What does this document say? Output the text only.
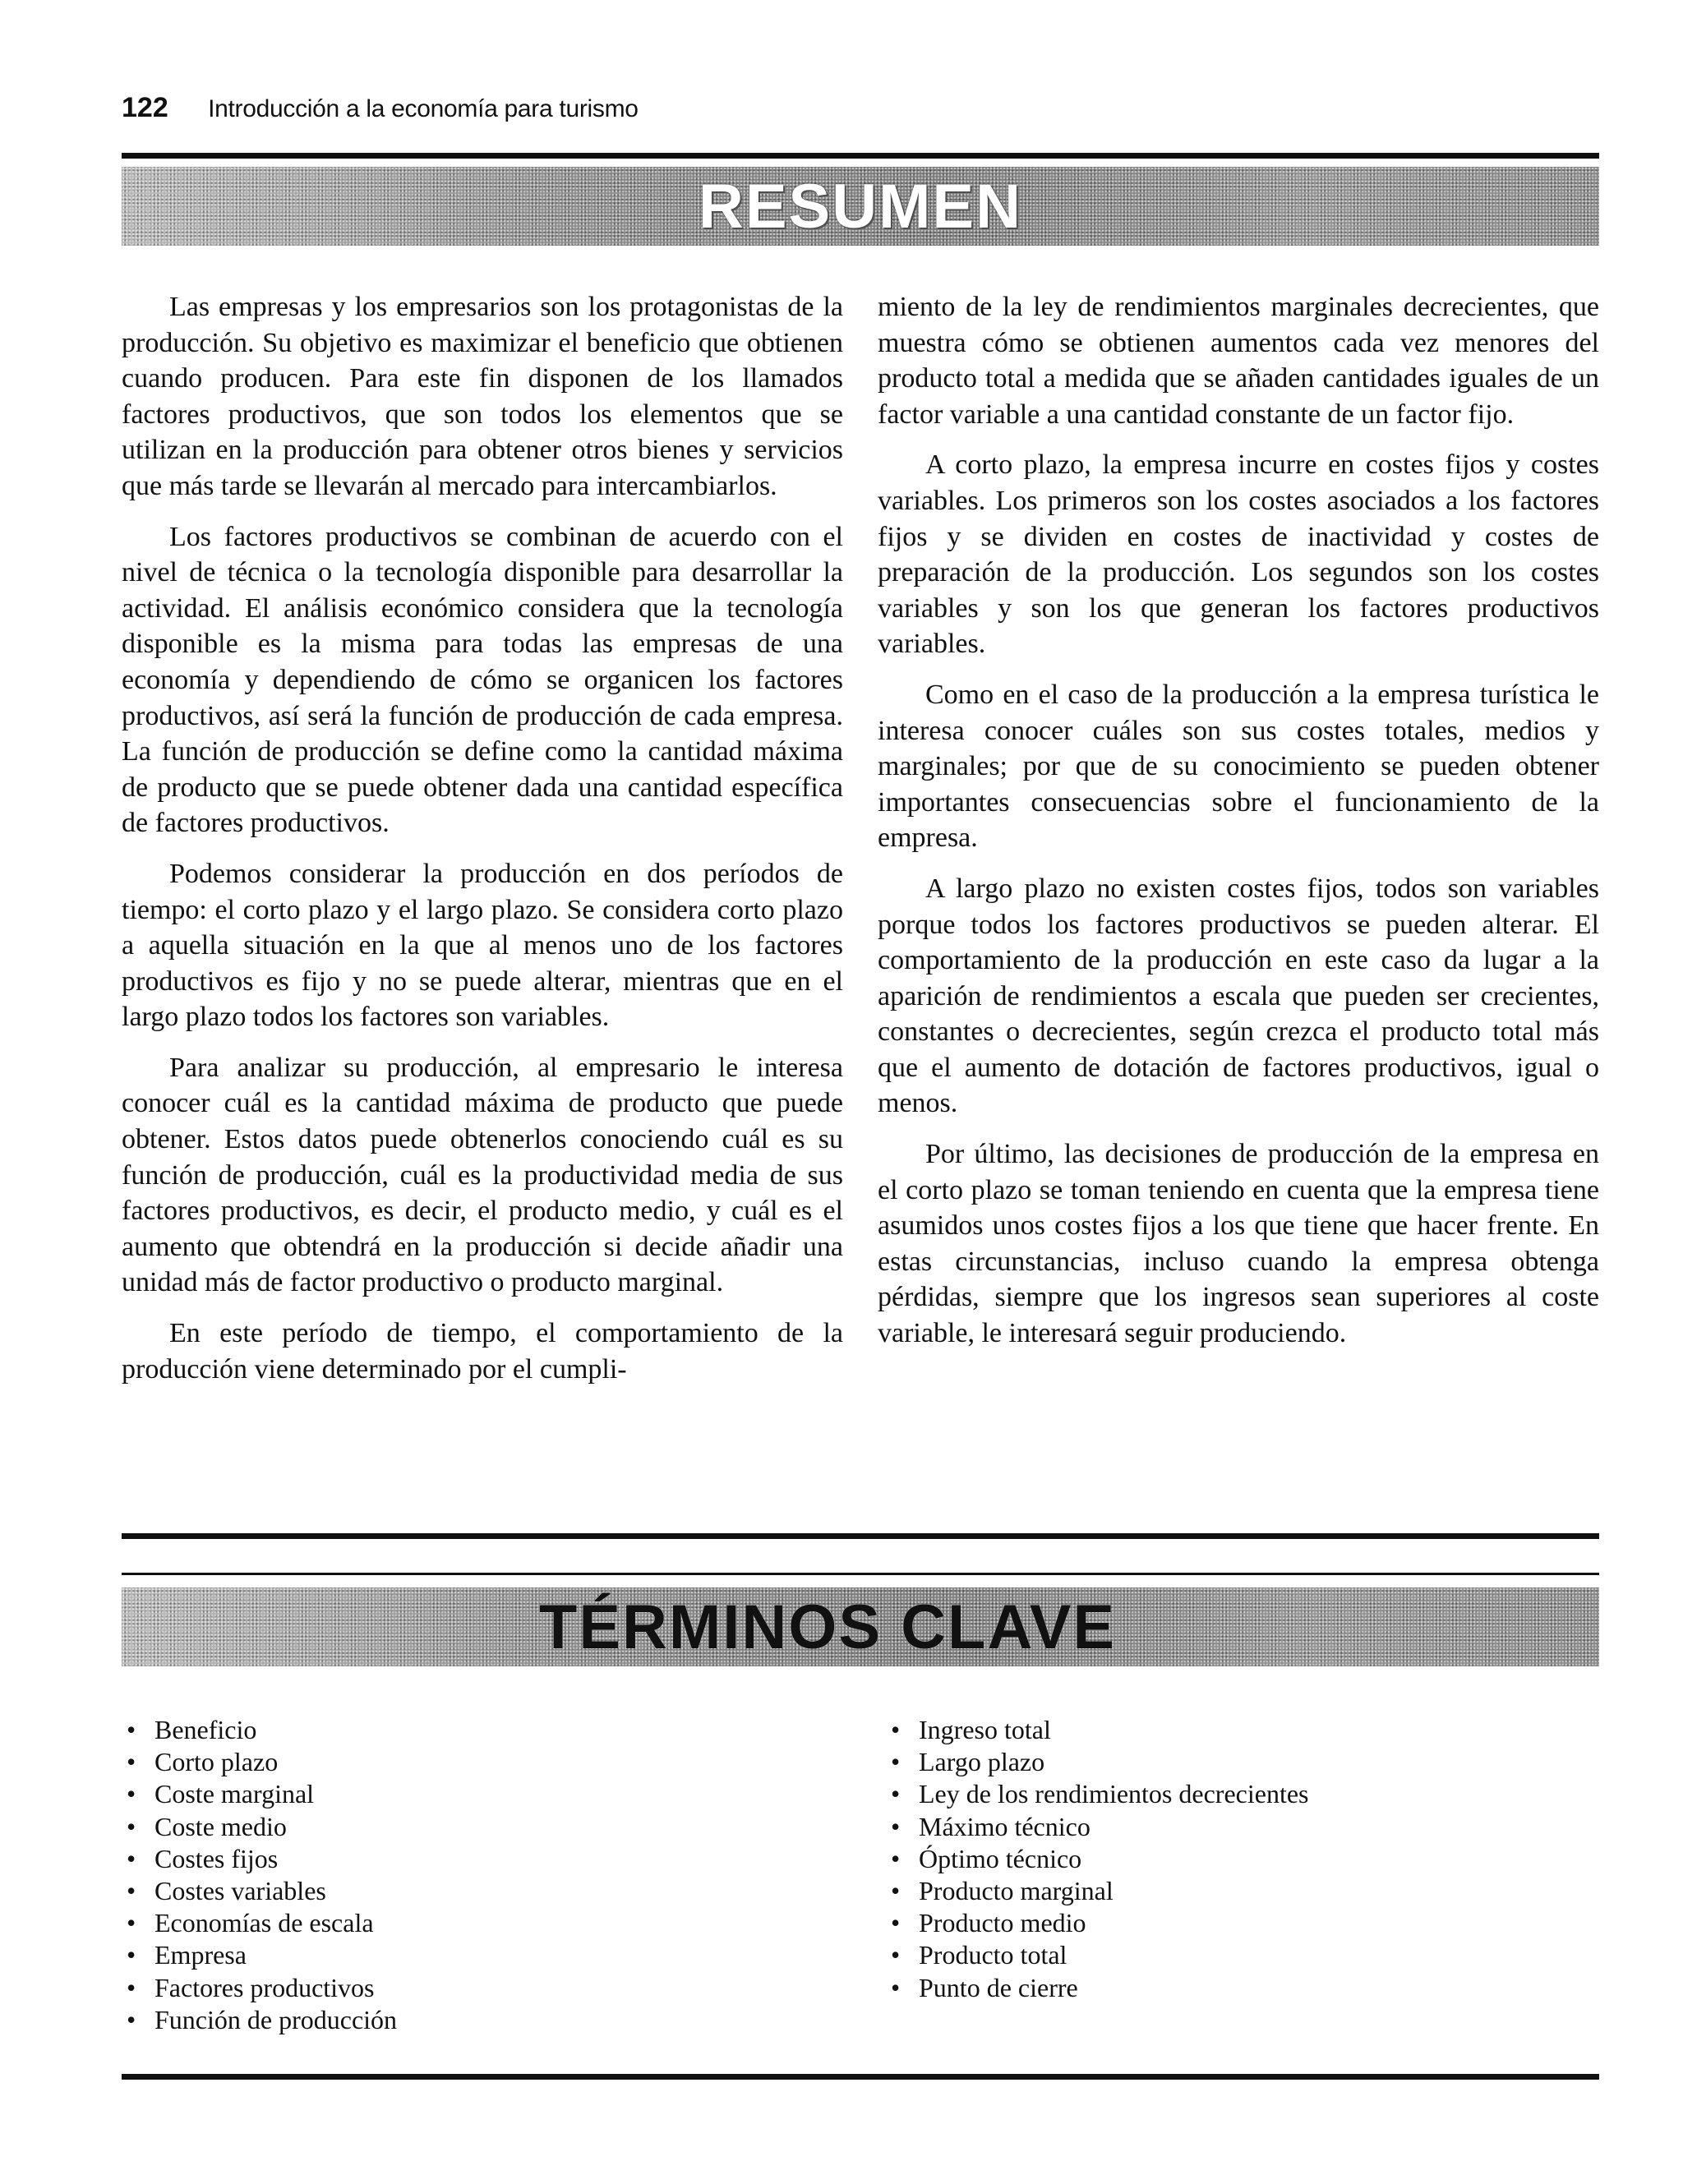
122 Introducción a la economía para turismo
RESUMEN

Las empresas y los empresarios son los protagonistas de la producción. Su objetivo es maximizar el beneficio que obtienen cuando producen. Para este fin disponen de los llamados factores productivos, que son todos los elementos que se utilizan en la producción para obtener otros bienes y servicios que más tarde se llevarán al mercado para intercambiarlos.

Los factores productivos se combinan de acuerdo con el nivel de técnica o la tecnología disponible para desarrollar la actividad. El análisis económico considera que la tecnología disponible es la misma para todas las empresas de una economía y dependiendo de cómo se organicen los factores productivos, así será la función de producción de cada empresa. La función de producción se define como la cantidad máxima de producto que se puede obtener dada una cantidad específica de factores productivos.

Podemos considerar la producción en dos períodos de tiempo: el corto plazo y el largo plazo. Se considera corto plazo a aquella situación en la que al menos uno de los factores productivos es fijo y no se puede alterar, mientras que en el largo plazo todos los factores son variables.

Para analizar su producción, al empresario le interesa conocer cuál es la cantidad máxima de producto que puede obtener. Estos datos puede obtenerlos conociendo cuál es su función de producción, cuál es la productividad media de sus factores productivos, es decir, el producto medio, y cuál es el aumento que obtendrá en la producción si decide añadir una unidad más de factor productivo o producto marginal.

En este período de tiempo, el comportamiento de la producción viene determinado por el cumpli-

miento de la ley de rendimientos marginales decrecientes, que muestra cómo se obtienen aumentos cada vez menores del producto total a medida que se añaden cantidades iguales de un factor variable a una cantidad constante de un factor fijo.

A corto plazo, la empresa incurre en costes fijos y costes variables. Los primeros son los costes asociados a los factores fijos y se dividen en costes de inactividad y costes de preparación de la producción. Los segundos son los costes variables y son los que generan los factores productivos variables.

Como en el caso de la producción a la empresa turística le interesa conocer cuáles son sus costes totales, medios y marginales; por que de su conocimiento se pueden obtener importantes consecuencias sobre el funcionamiento de la empresa.

A largo plazo no existen costes fijos, todos son variables porque todos los factores productivos se pueden alterar. El comportamiento de la producción en este caso da lugar a la aparición de rendimientos a escala que pueden ser crecientes, constantes o decrecientes, según crezca el producto total más que el aumento de dotación de factores productivos, igual o menos.

Por último, las decisiones de producción de la empresa en el corto plazo se toman teniendo en cuenta que la empresa tiene asumidos unos costes fijos a los que tiene que hacer frente. En estas circunstancias, incluso cuando la empresa obtenga pérdidas, siempre que los ingresos sean superiores al coste variable, le interesará seguir produciendo.

TÉRMINOS CLAVE
• Beneficio
• Corto plazo
• Coste marginal
• Coste medio
• Costes fijos
• Costes variables
• Economías de escala
• Empresa
• Factores productivos
• Función de producción
• Ingreso total
• Largo plazo
• Ley de los rendimientos decrecientes
• Máximo técnico
• Óptimo técnico
• Producto marginal
• Producto medio
• Producto total
• Punto de cierre
